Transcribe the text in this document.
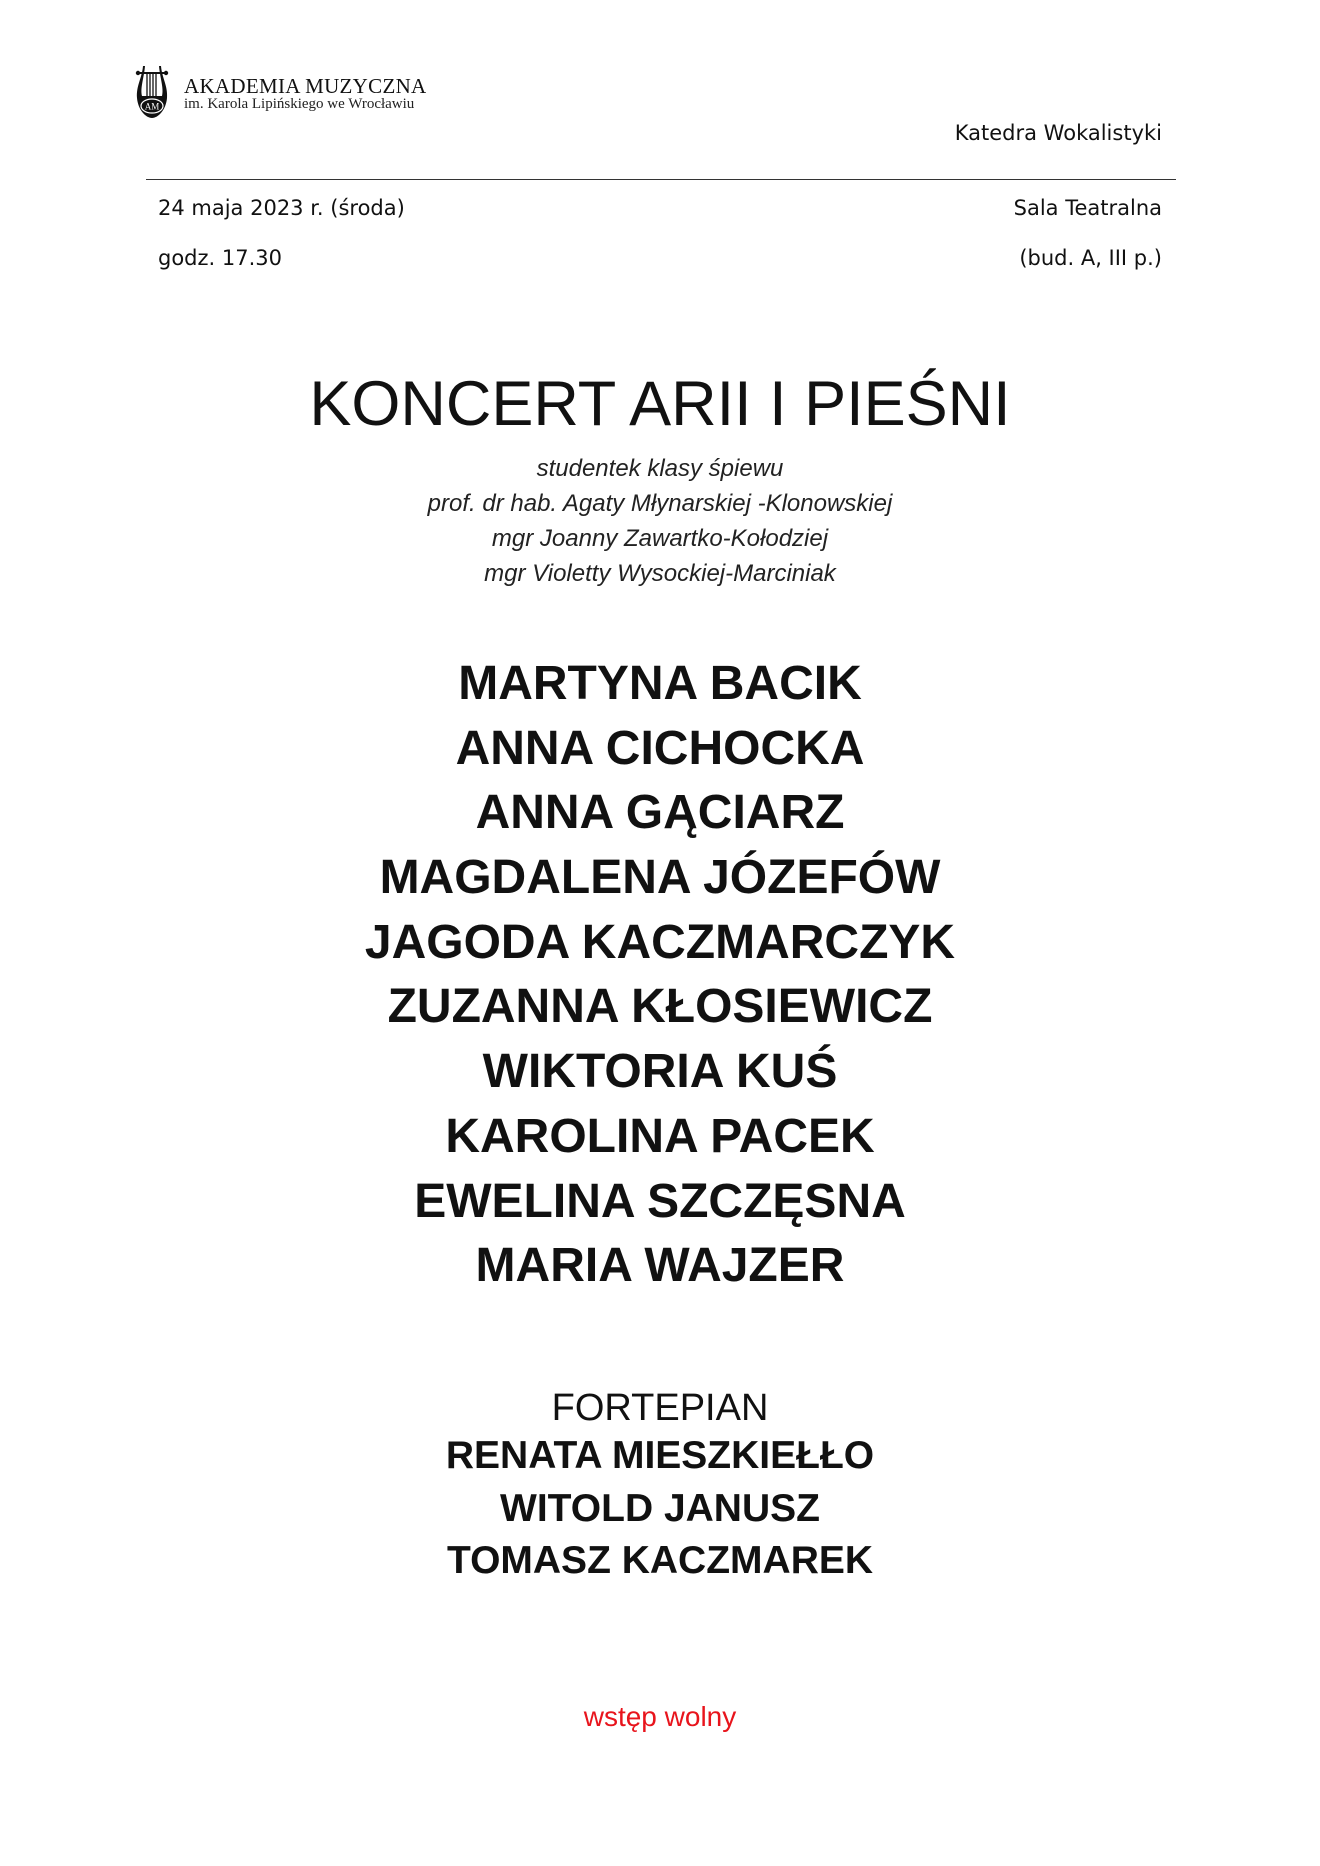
AM
AKADEMIA MUZYCZNA
im. Karola Lipińskiego we Wrocławiu
Katedra Wokalistyki
24 maja 2023 r. (środa)
godz. 17.30
Sala Teatralna
(bud. A, III p.)
KONCERT ARII I PIEŚNI
studentek klasy śpiewu
prof. dr hab. Agaty Młynarskiej -Klonowskiej
mgr Joanny Zawartko-Kołodziej
mgr Violetty Wysockiej-Marciniak
MARTYNA BACIK
ANNA CICHOCKA
ANNA GĄCIARZ
MAGDALENA JÓZEFÓW
JAGODA KACZMARCZYK
ZUZANNA KŁOSIEWICZ
WIKTORIA KUŚ
KAROLINA PACEK
EWELINA SZCZĘSNA
MARIA WAJZER
FORTEPIAN
RENATA MIESZKIEŁŁO
WITOLD JANUSZ
TOMASZ KACZMAREK
wstęp wolny
